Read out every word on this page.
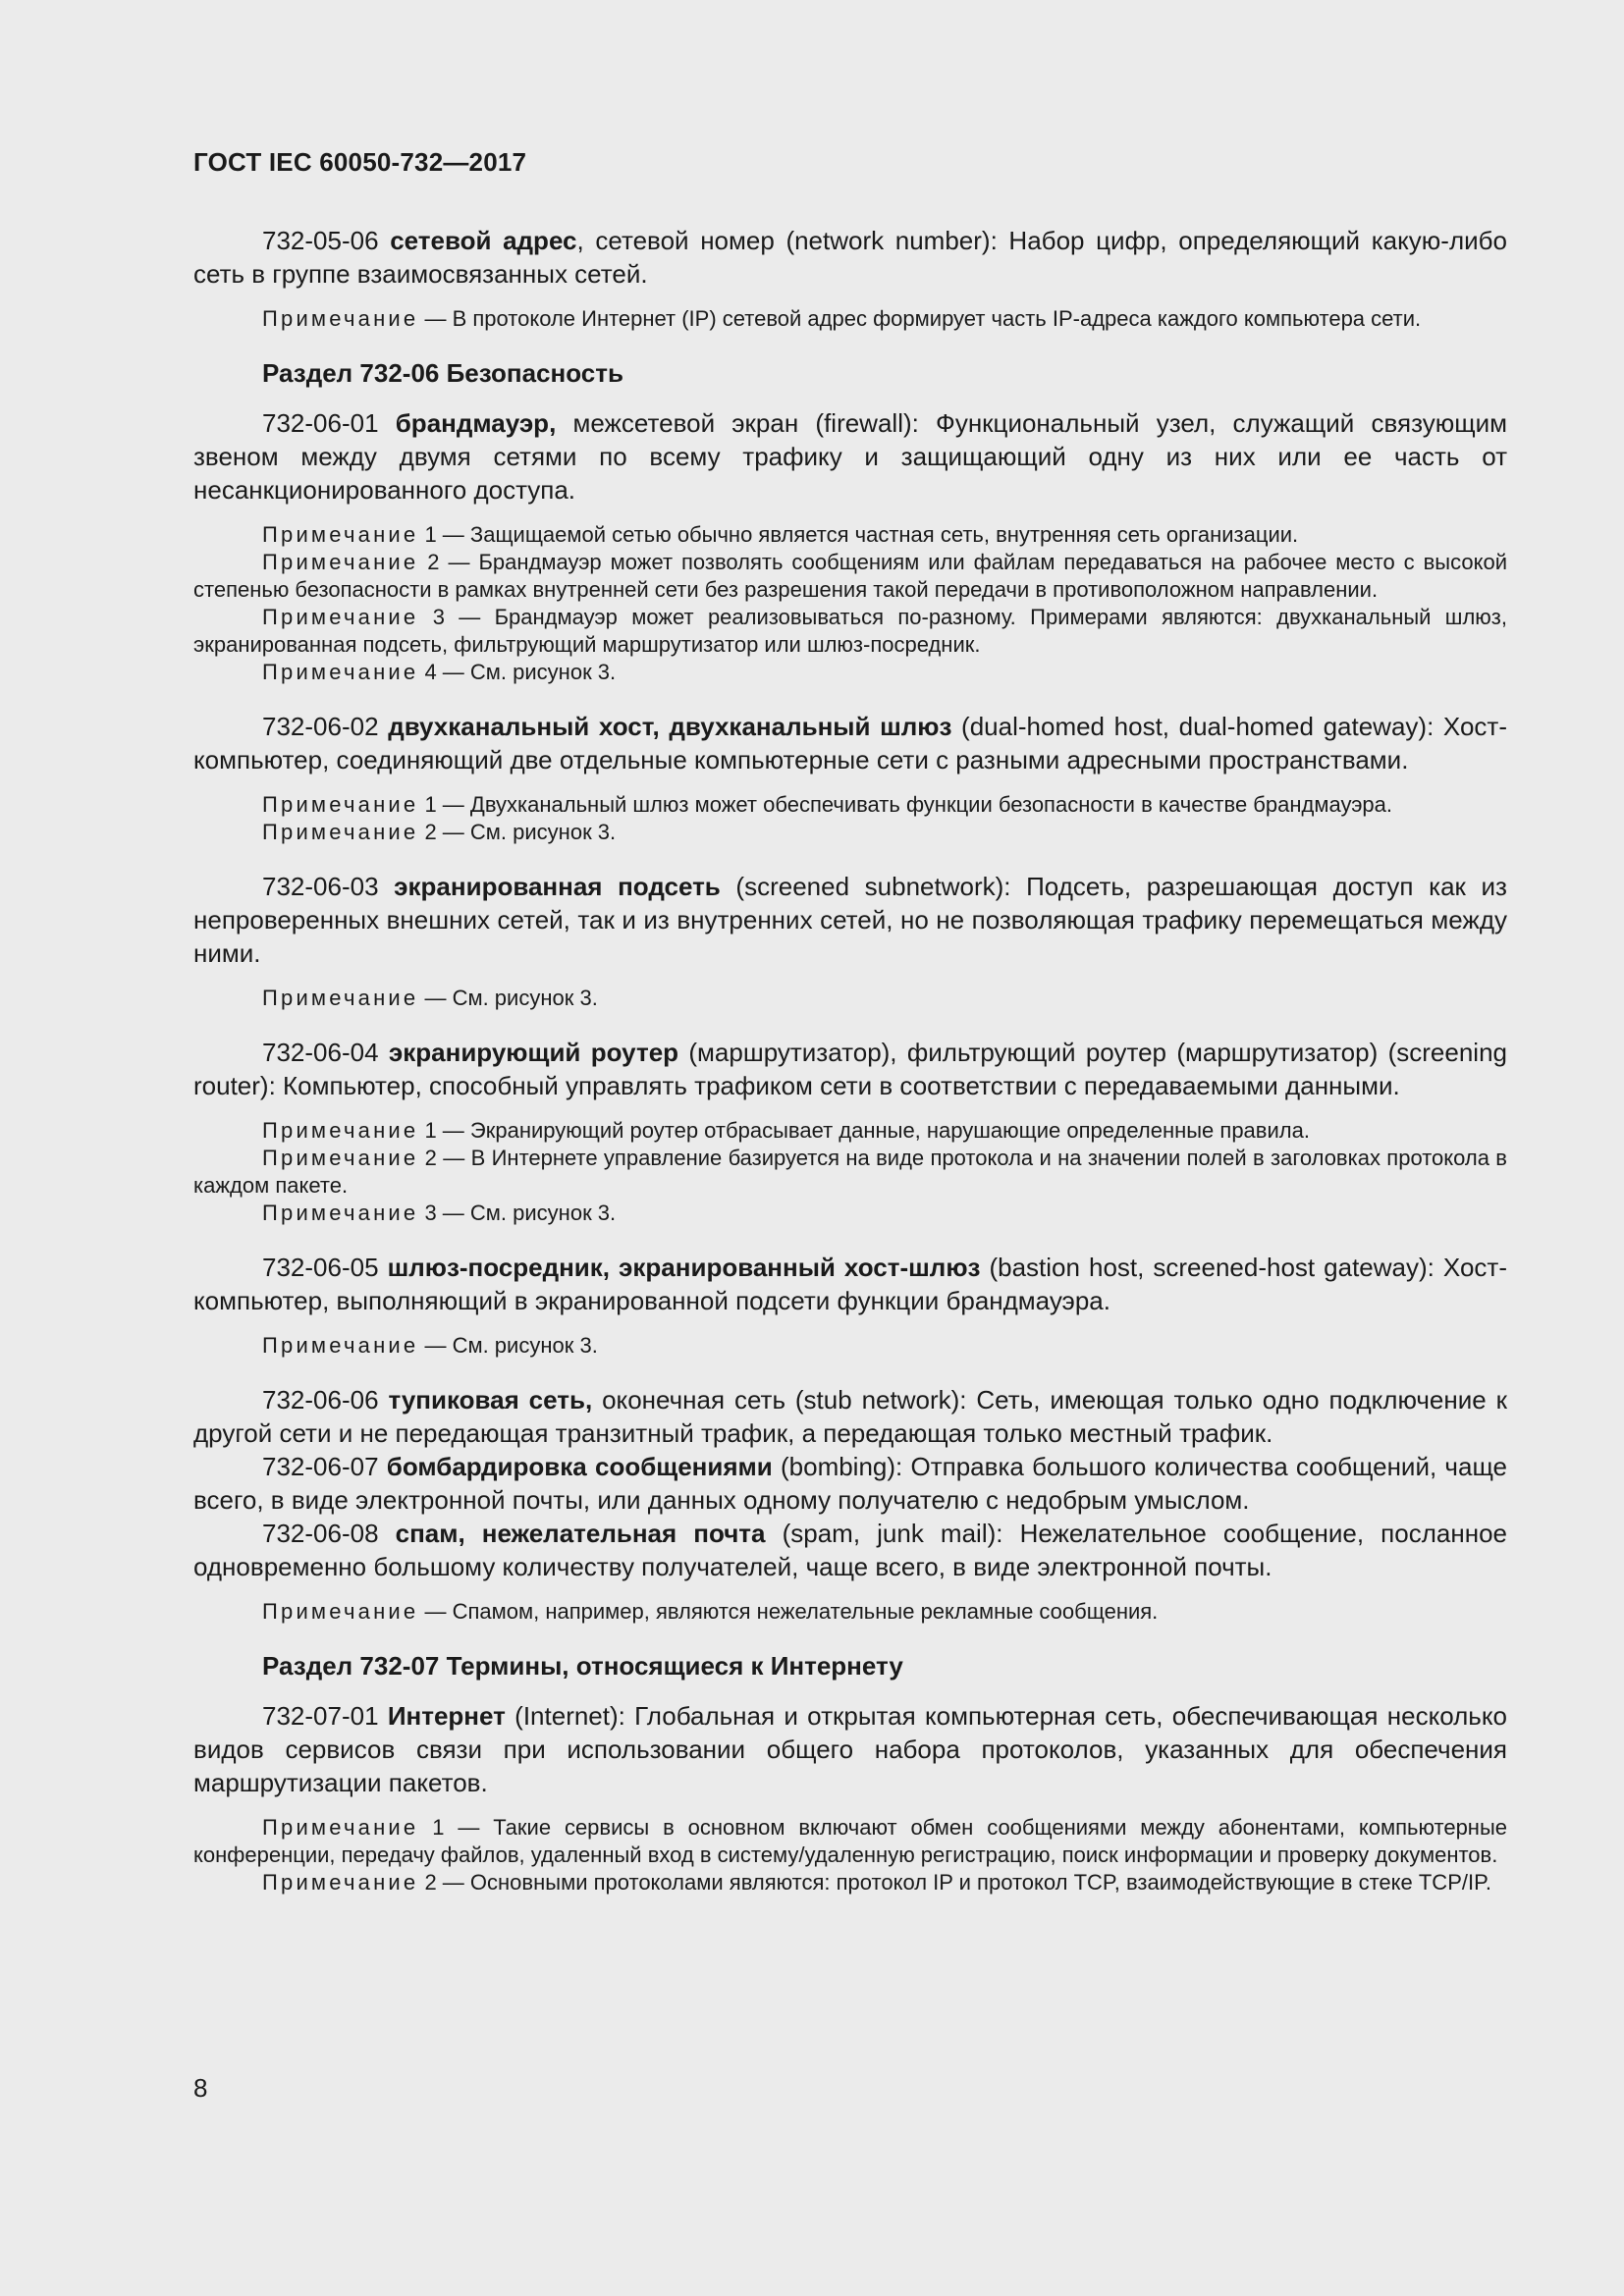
ГОСТ IEC 60050-732—2017

732-05-06 сетевой адрес, сетевой номер (network number): Набор цифр, определяющий какую-либо сеть в группе взаимосвязанных сетей.

Примечание — В протоколе Интернет (IP) сетевой адрес формирует часть IP-адреса каждого компьютера сети.

Раздел 732-06 Безопасность

732-06-01 брандмауэр, межсетевой экран (firewall): Функциональный узел, служащий связующим звеном между двумя сетями по всему трафику и защищающий одну из них или ее часть от несанкционированного доступа.

Примечание 1 — Защищаемой сетью обычно является частная сеть, внутренняя сеть организации.

Примечание 2 — Брандмауэр может позволять сообщениям или файлам передаваться на рабочее место с высокой степенью безопасности в рамках внутренней сети без разрешения такой передачи в противоположном направлении.

Примечание 3 — Брандмауэр может реализовываться по-разному. Примерами являются: двухканальный шлюз, экранированная подсеть, фильтрующий маршрутизатор или шлюз-посредник.

Примечание 4 — См. рисунок 3.

732-06-02 двухканальный хост, двухканальный шлюз (dual-homed host, dual-homed gateway): Хост-компьютер, соединяющий две отдельные компьютерные сети с разными адресными пространствами.

Примечание 1 — Двухканальный шлюз может обеспечивать функции безопасности в качестве брандмауэра.

Примечание 2 — См. рисунок 3.

732-06-03 экранированная подсеть (screened subnetwork): Подсеть, разрешающая доступ как из непроверенных внешних сетей, так и из внутренних сетей, но не позволяющая трафику перемещаться между ними.

Примечание — См. рисунок 3.

732-06-04 экранирующий роутер (маршрутизатор), фильтрующий роутер (маршрутизатор) (screening router): Компьютер, способный управлять трафиком сети в соответствии с передаваемыми данными.

Примечание 1 — Экранирующий роутер отбрасывает данные, нарушающие определенные правила.

Примечание 2 — В Интернете управление базируется на виде протокола и на значении полей в заголовках протокола в каждом пакете.

Примечание 3 — См. рисунок 3.

732-06-05 шлюз-посредник, экранированный хост-шлюз (bastion host, screened-host gateway): Хост-компьютер, выполняющий в экранированной подсети функции брандмауэра.

Примечание — См. рисунок 3.

732-06-06 тупиковая сеть, оконечная сеть (stub network): Сеть, имеющая только одно подключение к другой сети и не передающая транзитный трафик, а передающая только местный трафик.

732-06-07 бомбардировка сообщениями (bombing): Отправка большого количества сообщений, чаще всего, в виде электронной почты, или данных одному получателю с недобрым умыслом.

732-06-08 спам, нежелательная почта (spam, junk mail): Нежелательное сообщение, посланное одновременно большому количеству получателей, чаще всего, в виде электронной почты.

Примечание — Спамом, например, являются нежелательные рекламные сообщения.

Раздел 732-07 Термины, относящиеся к Интернету

732-07-01 Интернет (Internet): Глобальная и открытая компьютерная сеть, обеспечивающая несколько видов сервисов связи при использовании общего набора протоколов, указанных для обеспечения маршрутизации пакетов.

Примечание 1 — Такие сервисы в основном включают обмен сообщениями между абонентами, компьютерные конференции, передачу файлов, удаленный вход в систему/удаленную регистрацию, поиск информации и проверку документов.

Примечание 2 — Основными протоколами являются: протокол IP и протокол TCP, взаимодействующие в стеке TCP/IP.

8
